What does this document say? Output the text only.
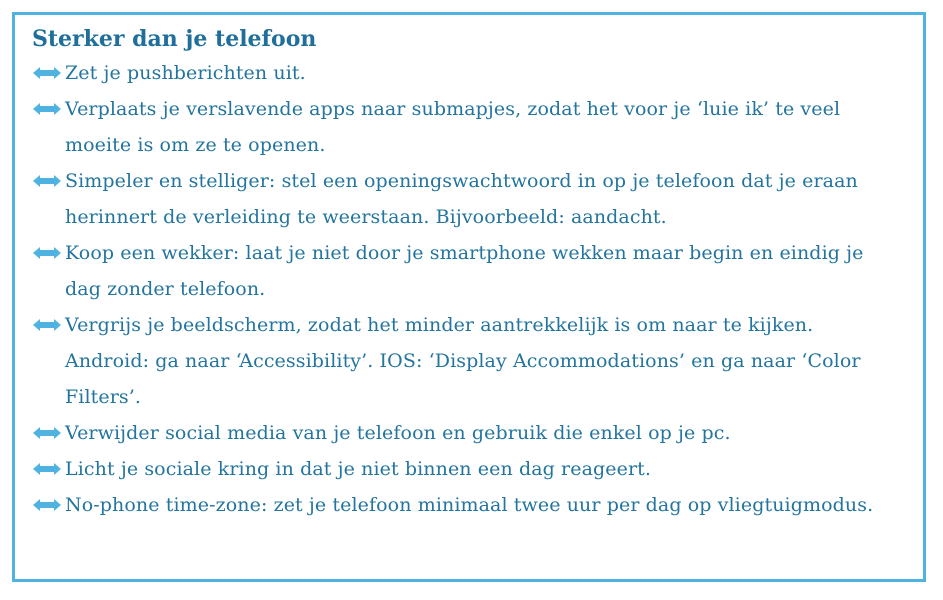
Sterker dan je telefoon
Zet je pushberichten uit.
Verplaats je verslavende apps naar submapjes, zodat het voor je ‘luie ik’ te veel moeite is om ze te openen.
Simpeler en stelliger: stel een openingswachtwoord in op je telefoon dat je eraan herinnert de verleiding te weerstaan. Bijvoorbeeld: aandacht.
Koop een wekker: laat je niet door je smartphone wekken maar begin en eindig je dag zonder telefoon.
Vergrijs je beeldscherm, zodat het minder aantrekkelijk is om naar te kijken. Android: ga naar ‘Accessibility’. IOS: ‘Display Accommodations’ en ga naar ‘Color Filters’.
Verwijder social media van je telefoon en gebruik die enkel op je pc.
Licht je sociale kring in dat je niet binnen een dag reageert.
No-phone time-zone: zet je telefoon minimaal twee uur per dag op vliegtuigmodus.
